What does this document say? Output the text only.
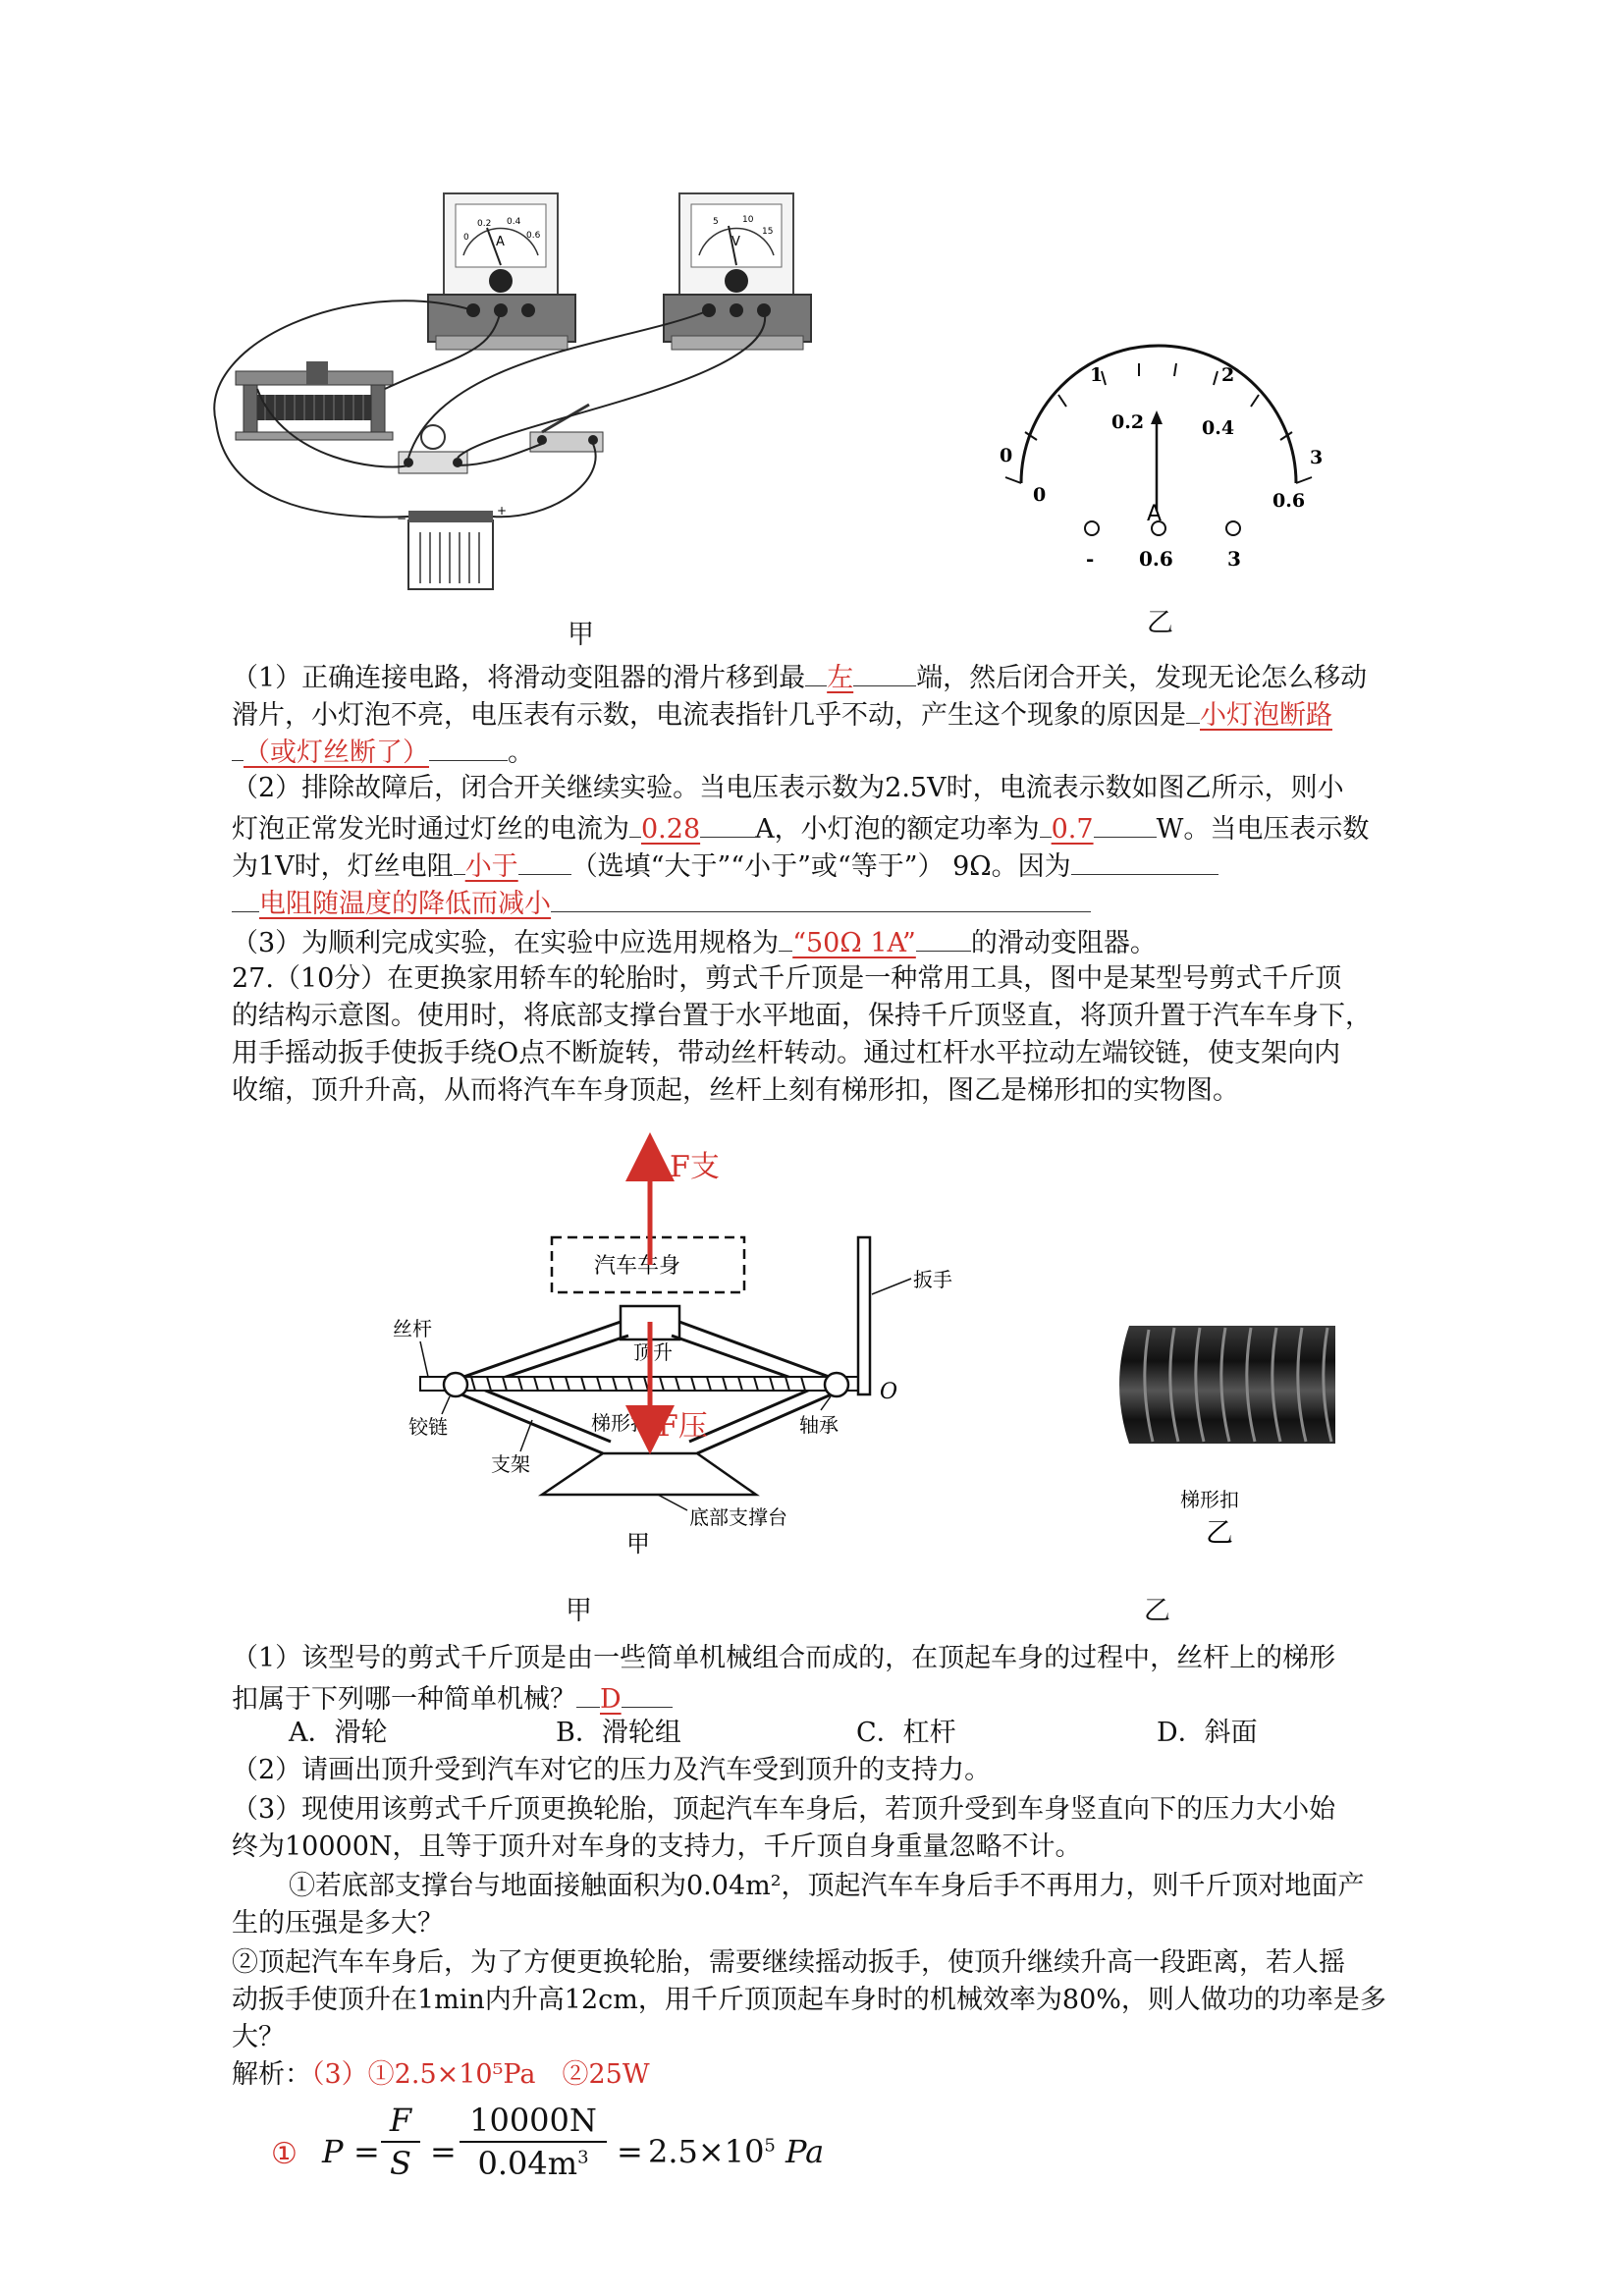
A
0
0.2 0.4
0.6	V
5	10
15
−
+
甲
0
1	2
3
0
0.2	0.4
0.6
A
- 0.6	3
乙
（1）正确连接电路，将滑动变阻器的滑片移到最 左 端，然后闭合开关，发现无论怎么移动
滑片，小灯泡不亮，电压表有示数，电流表指针几乎不动，产生这个现象的原因是 小灯泡断路
（或灯丝断了）	。
（2）排除故障后，闭合开关继续实验。当电压表示数为2.5V时，电流表示数如图乙所示，则小
灯泡正常发光时通过灯丝的电流为 0.28 A，小灯泡的额定功率为 0.7 W。当电压表示数
为1V时，灯丝电阻 小于 （选填“大于”“小于”或“等于”） 9Ω。因为
电阻随温度的降低而减小
（3）为顺利完成实验，在实验中应选用规格为 “50Ω 1A” 的滑动变阻器。
27.（10分）在更换家用轿车的轮胎时，剪式千斤顶是一种常用工具，图中是某型号剪式千斤顶
的结构示意图。使用时，将底部支撑台置于水平地面，保持千斤顶竖直，将顶升置于汽车车身下，
用手摇动扳手使扳手绕O点不断旋转，带动丝杆转动。通过杠杆水平拉动左端铰链，使支架向内
收缩，顶升升高，从而将汽车车身顶起，丝杆上刻有梯形扣，图乙是梯形扣的实物图。
汽车车身
顶升
扳手
O
底部支撑台
丝杆
铰链
支架
梯形扣	轴承
甲
F支
F压
甲
梯形扣
乙
乙
（1）该型号的剪式千斤顶是由一些简单机械组合而成的，在顶起车身的过程中，丝杆上的梯形
扣属于下列哪一种简单机械？ D
A．滑轮	B．滑轮组	C．杠杆	D．斜面
（2）请画出顶升受到汽车对它的压力及汽车受到顶升的支持力。
（3）现使用该剪式千斤顶更换轮胎，顶起汽车车身后，若顶升受到车身竖直向下的压力大小始
终为10000N，且等于顶升对车身的支持力，千斤顶自身重量忽略不计。
①若底部支撑台与地面接触面积为0.04m²，顶起汽车车身后手不再用力，则千斤顶对地面产
生的压强是多大？
②顶起汽车车身后，为了方便更换轮胎，需要继续摇动扳手，使顶升继续升高一段距离，若人摇
动扳手使顶升在1min内升高12cm，用千斤顶顶起车身时的机械效率为80%，则人做功的功率是多
大？
解析：（3）①2.5×10⁵Pa　②25W
① P =
F
S =
10000N
$0.04m^3 = 2.5\times 10^5$ Pa
